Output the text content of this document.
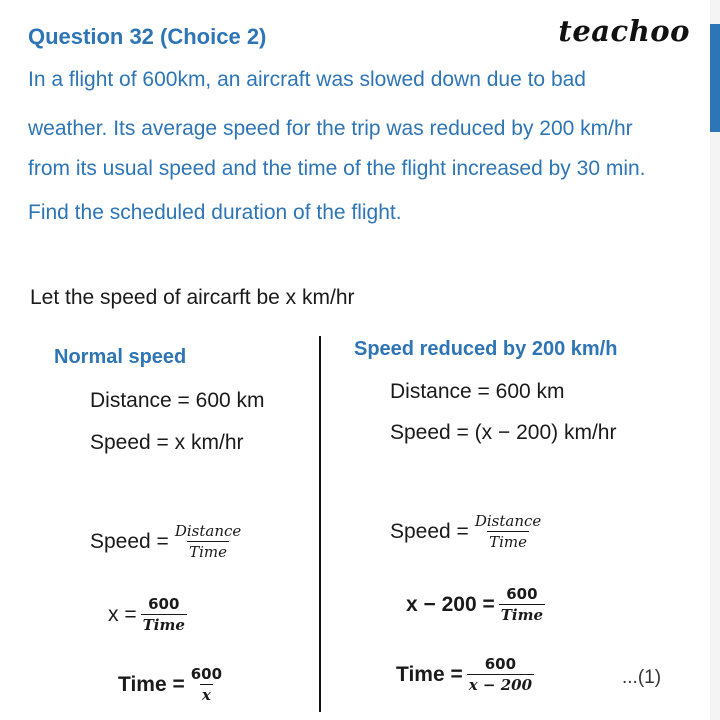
Question 32 (Choice 2)	teachoo
In a flight of 600km, an aircraft was slowed down due to bad
weather. Its average speed for the trip was reduced by 200 km/hr
from its usual speed and the time of the flight increased by 30 min.
Find the scheduled duration of the flight.
Let the speed of aircarft be x km/hr
Normal speed
Distance = 600 km
Speed = x km/hr
Speed = $\frac{\text{Distance}}{\text{Time}}$
$x = \frac{600}{\text{Time}}$
Time = $\frac{600}{x}$
Speed reduced by 200 km/h
Distance = 600 km
Speed = (x − 200) km/hr
Speed = $\frac{\text{Distance}}{\text{Time}}$
$x - 200 = \frac{600}{\text{Time}}$
Time = $\frac{600}{x - 200}$	...(1)
